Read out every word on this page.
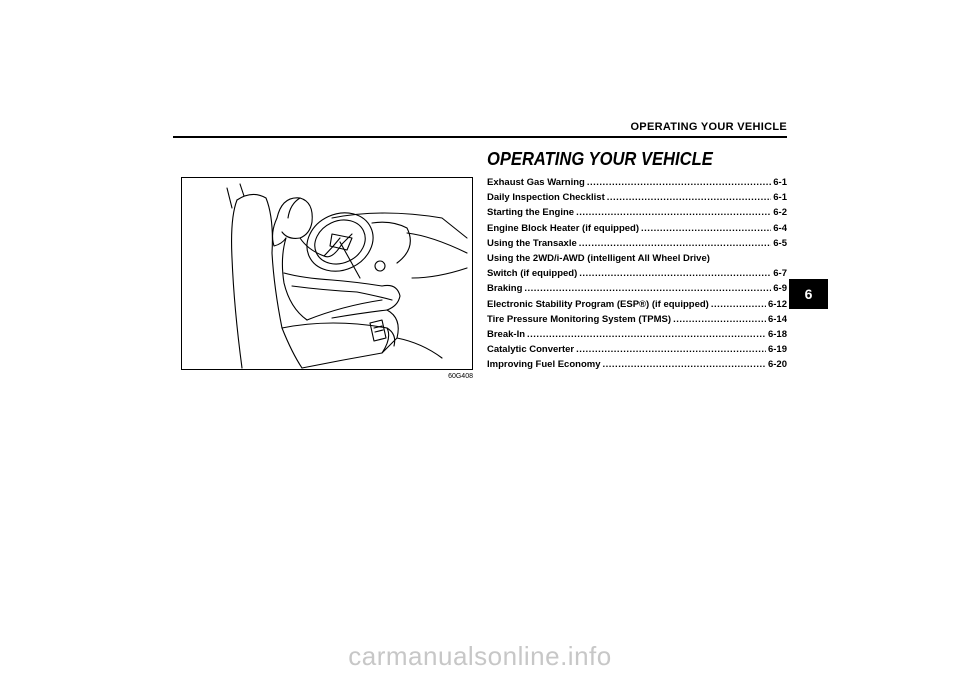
OPERATING YOUR VEHICLE
6
60G408
OPERATING YOUR VEHICLE
Exhaust Gas Warning .....	6-1
Daily Inspection Checklist .....	6-1
Starting the Engine .....	6-2
Engine Block Heater (if equipped) .....	6-4
Using the Transaxle .....	6-5
Using the 2WD/i-AWD (intelligent All Wheel Drive)
Switch (if equipped) .....	6-7
Braking .....	6-9
Electronic Stability Program (ESP®) (if equipped) .....	6-12
Tire Pressure Monitoring System (TPMS) .....	6-14
Break-In .....	6-18
Catalytic Converter .....	6-19
Improving Fuel Economy .....	6-20
carmanualsonline.info
